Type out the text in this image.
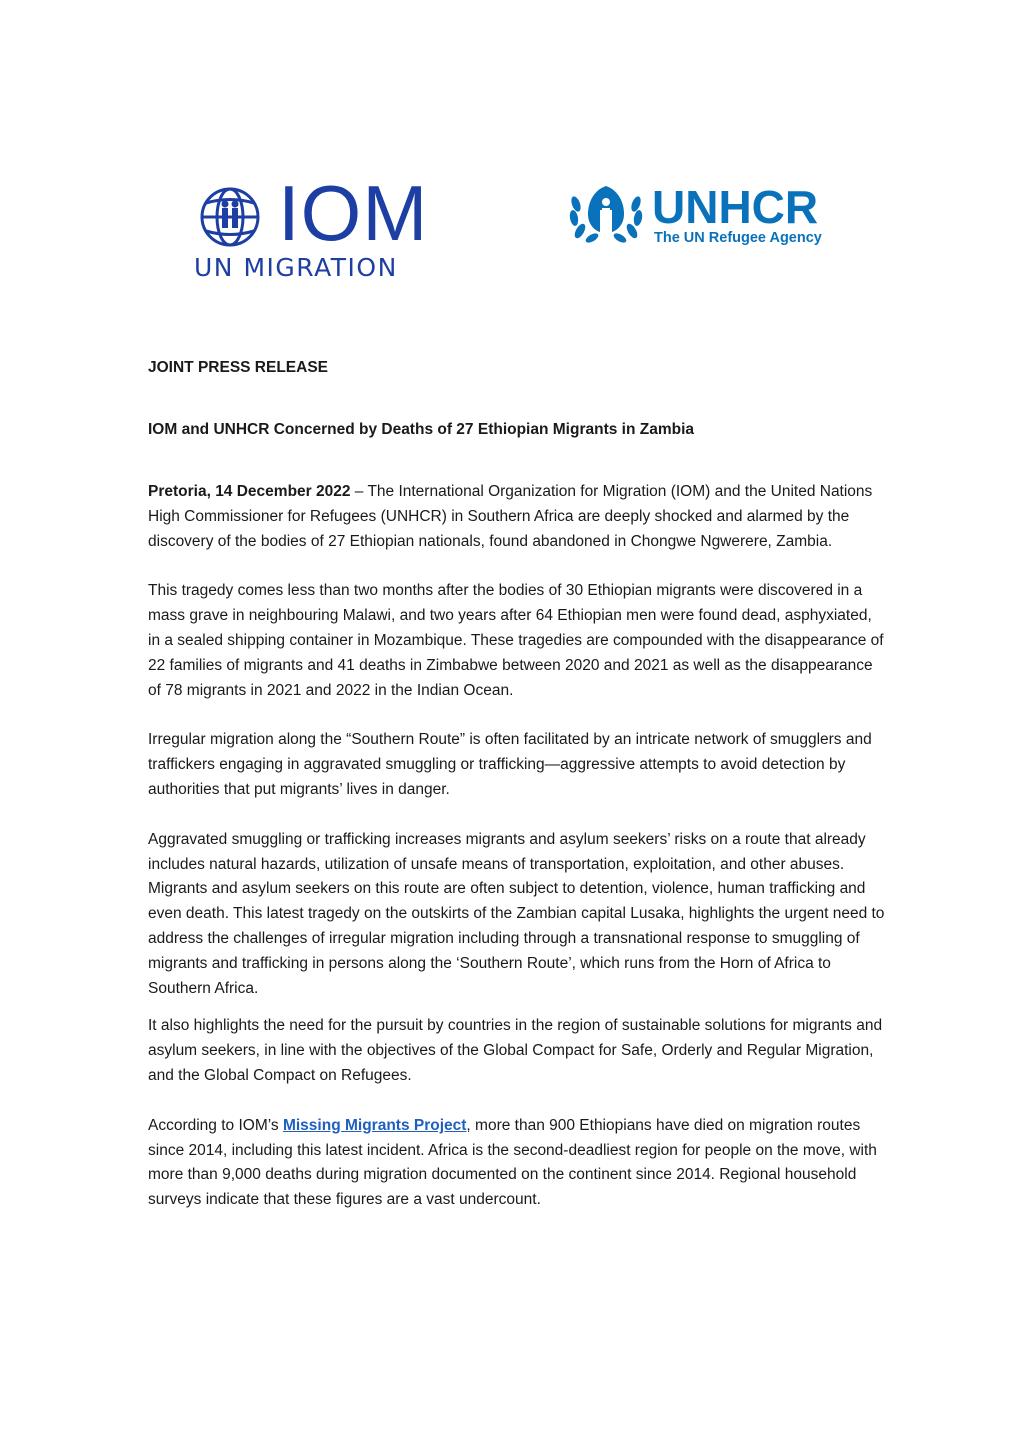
IOM
UN MIGRATION
UNHCR
The UN Refugee Agency
JOINT PRESS RELEASE
IOM and UNHCR Concerned by Deaths of 27 Ethiopian Migrants in Zambia

Pretoria, 14 December 2022 – The International Organization for Migration (IOM) and the United Nations High Commissioner for Refugees (UNHCR) in Southern Africa are deeply shocked and alarmed by the discovery of the bodies of 27 Ethiopian nationals, found abandoned in Chongwe Ngwerere, Zambia.

This tragedy comes less than two months after the bodies of 30 Ethiopian migrants were discovered in a mass grave in neighbouring Malawi, and two years after 64 Ethiopian men were found dead, asphyxiated, in a sealed shipping container in Mozambique. These tragedies are compounded with the disappearance of 22 families of migrants and 41 deaths in Zimbabwe between 2020 and 2021 as well as the disappearance of 78 migrants in 2021 and 2022 in the Indian Ocean.

Irregular migration along the “Southern Route” is often facilitated by an intricate network of smugglers and traffickers engaging in aggravated smuggling or trafficking—aggressive attempts to avoid detection by authorities that put migrants’ lives in danger.

Aggravated smuggling or trafficking increases migrants and asylum seekers’ risks on a route that already includes natural hazards, utilization of unsafe means of transportation, exploitation, and other abuses. Migrants and asylum seekers on this route are often subject to detention, violence, human trafficking and even death. This latest tragedy on the outskirts of the Zambian capital Lusaka, highlights the urgent need to address the challenges of irregular migration including through a transnational response to smuggling of migrants and trafficking in persons along the ‘Southern Route’, which runs from the Horn of Africa to Southern Africa.

It also highlights the need for the pursuit by countries in the region of sustainable solutions for migrants and asylum seekers, in line with the objectives of the Global Compact for Safe, Orderly and Regular Migration, and the Global Compact on Refugees.

According to IOM’s Missing Migrants Project, more than 900 Ethiopians have died on migration routes since 2014, including this latest incident. Africa is the second-deadliest region for people on the move, with more than 9,000 deaths during migration documented on the continent since 2014. Regional household surveys indicate that these figures are a vast undercount.
